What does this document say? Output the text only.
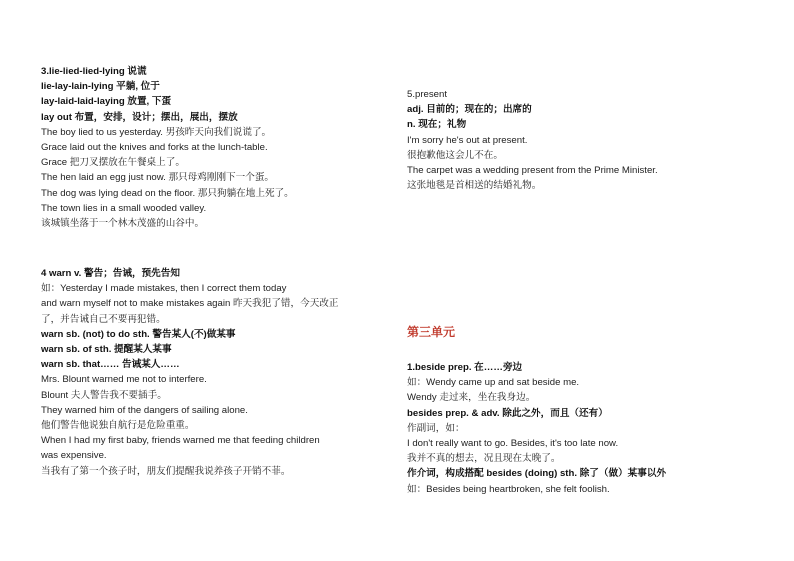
3.lie-lied-lied-lying 说谎
lie-lay-lain-lying 平躺, 位于
lay-laid-laid-laying 放置, 下蛋
lay out 布置，安排，设计；摆出，展出，摆放
The boy lied to us yesterday. 男孩昨天向我们说谎了。
Grace laid out the knives and forks at the lunch-table.
Grace 把刀叉摆放在午餐桌上了。
The hen laid an egg just now. 那只母鸡刚刚下一个蛋。
The dog was lying dead on the floor. 那只狗躺在地上死了。
The town lies in a small wooded valley.
该城镇坐落于一个林木茂盛的山谷中。
4 warn v. 警告；告诫，预先告知
如：Yesterday I made mistakes, then I correct them today
and warn myself not to make mistakes again 昨天我犯了错，今天改正
了，并告诫自己不要再犯错。
warn sb. (not) to do sth. 警告某人(不)做某事
warn sb. of sth. 提醒某人某事
warn sb. that…… 告诫某人……
Mrs. Blount warned me not to interfere.
Blount 夫人警告我不要插手。
They warned him of the dangers of sailing alone.
他们警告他说独自航行是危险重重。
When I had my first baby, friends warned me that feeding children
was expensive.
当我有了第一个孩子时，朋友们提醒我说养孩子开销不菲。
5.present
adj. 目前的；现在的；出席的
n. 现在；礼物
I'm sorry he's out at present.
很抱歉他这会儿不在。
The carpet was a wedding present from the Prime Minister.
这张地毯是首相送的结婚礼物。
第三单元
1.beside prep. 在……旁边
如：Wendy came up and sat beside me.
Wendy 走过来，坐在我身边。
besides prep. & adv. 除此之外，而且（还有）
作副词，如：
I don't really want to go. Besides, it's too late now.
我并不真的想去，况且现在太晚了。
作介词，构成搭配 besides (doing) sth. 除了（做）某事以外
如：Besides being heartbroken, she felt foolish.
